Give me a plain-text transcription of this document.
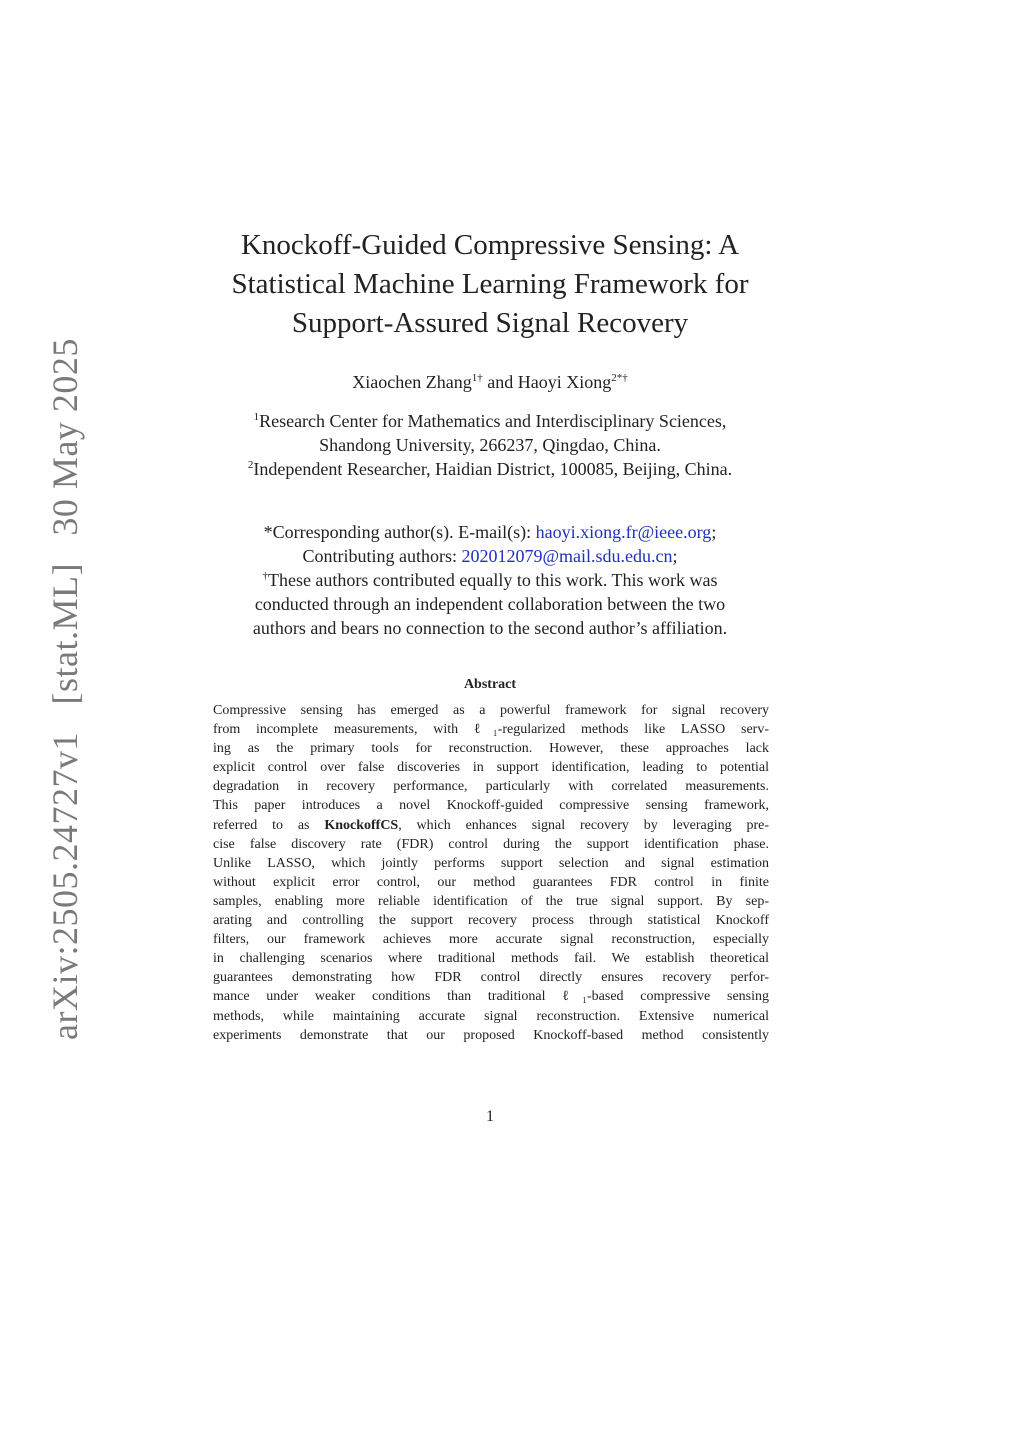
arXiv:2505.24727v1 [stat.ML] 30 May 2025
Knockoff-Guided Compressive Sensing: A
Statistical Machine Learning Framework for
Support-Assured Signal Recovery
Xiaochen Zhang$^{1\dagger}$ and Haoyi Xiong$^{2*\dagger}$
$^1$Research Center for Mathematics and Interdisciplinary Sciences,
Shandong University, 266237, Qingdao, China.
$^2$Independent Researcher, Haidian District, 100085, Beijing, China.
*Corresponding author(s). E-mail(s): haoyi.xiong.fr@ieee.org;
Contributing authors: 202012079@mail.sdu.edu.cn;
†These authors contributed equally to this work. This work was
conducted through an independent collaboration between the two
authors and bears no connection to the second author’s affiliation.
Abstract
Compressive sensing has emerged as a powerful framework for signal recovery
from incomplete measurements, with ℓ₁-regularized methods like LASSO serv-
ing as the primary tools for reconstruction. However, these approaches lack
explicit control over false discoveries in support identification, leading to potential
degradation in recovery performance, particularly with correlated measurements.
This paper introduces a novel Knockoff-guided compressive sensing framework,
referred to as KnockoffCS, which enhances signal recovery by leveraging pre-
cise false discovery rate (FDR) control during the support identification phase.
Unlike LASSO, which jointly performs support selection and signal estimation
without explicit error control, our method guarantees FDR control in finite
samples, enabling more reliable identification of the true signal support. By sep-
arating and controlling the support recovery process through statistical Knockoff
filters, our framework achieves more accurate signal reconstruction, especially
in challenging scenarios where traditional methods fail. We establish theoretical
guarantees demonstrating how FDR control directly ensures recovery perfor-
mance under weaker conditions than traditional ℓ₁-based compressive sensing
methods, while maintaining accurate signal reconstruction. Extensive numerical
experiments demonstrate that our proposed Knockoff-based method consistently
1
